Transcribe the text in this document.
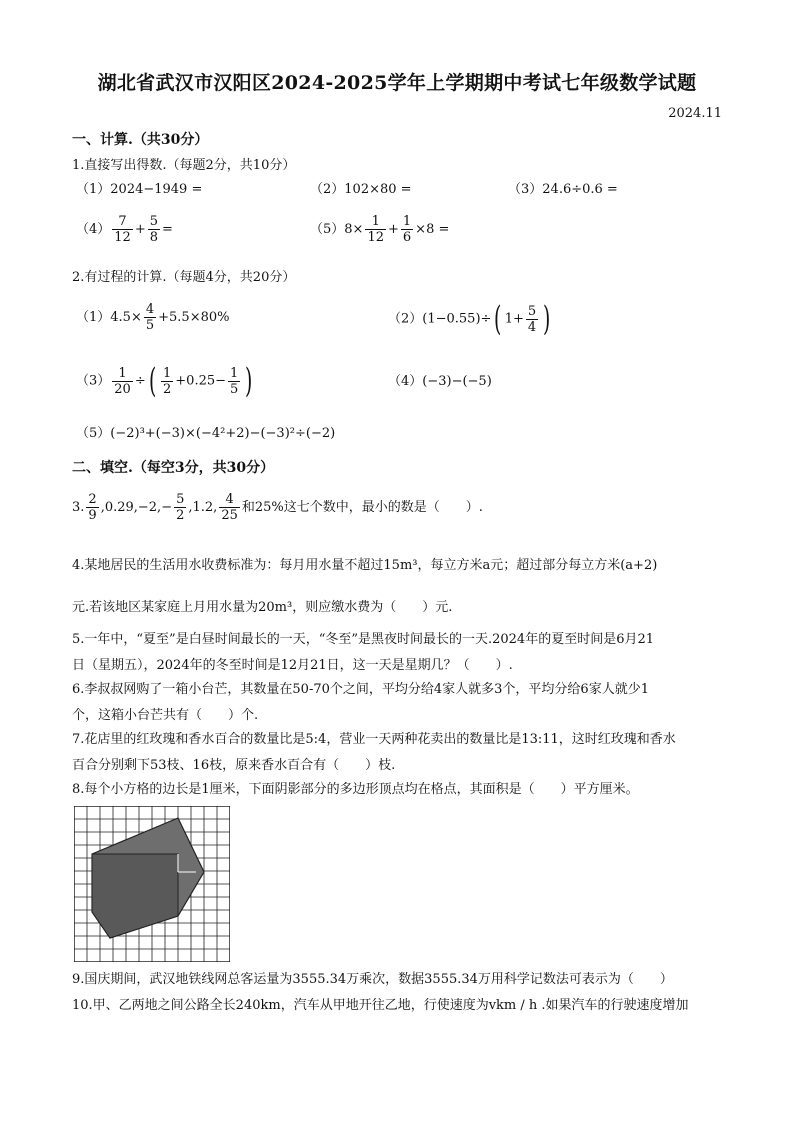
湖北省武汉市汉阳区2024-2025学年上学期期中考试七年级数学试题
2024.11
一、计算.（共30分）
1.直接写出得数.（每题2分，共10分）
（1）2024−1949 =	（2）102×80 =	（3）24.6÷0.6 =
$(4) \frac{7}{12} + \frac{5}{8}$ =	$(5)8\times \frac{1}{12} + \frac{1}{6} \times 8$ =
2.有过程的计算.（每题4分，共20分）
$(1)4.5\times \frac{4}{5} +5.5\times 80\%$	（2）(1−0.55)÷( $1+ \frac{5}{4}$ )
$(3) \frac{1}{20}$ ÷( $\frac{1}{2} +0.25- \frac{1}{5}$ )	（4）(−3)−(−5)
（5）(−2)³+(−3)×(−4²+2)−(−3)²÷(−2)
二、填空.（每空3分，共30分）
3. $\frac{2}{9} ,0.29,-2,- \frac{5}{2} ,1.2$, $\frac{4}{25}$ 和25%这七个数中，最小的数是（　　）.
4.某地居民的生活用水收费标准为：每月用水量不超过15m³，每立方米a元；超过部分每立方米(a+2)
元.若该地区某家庭上月用水量为20m³，则应缴水费为（　　）元.
5.一年中，“夏至”是白昼时间最长的一天，“冬至”是黑夜时间最长的一天.2024年的夏至时间是6月21
日（星期五），2024年的冬至时间是12月21日，这一天是星期几？（　　）.
6.李叔叔网购了一箱小台芒，其数量在50-70个之间，平均分给4家人就多3个，平均分给6家人就少1
个，这箱小台芒共有（　　）个.
7.花店里的红玫瑰和香水百合的数量比是5:4，营业一天两种花卖出的数量比是13:11，这时红玫瑰和香水
百合分别剩下53枝、16枝，原来香水百合有（　　）枝.
8.每个小方格的边长是1厘米，下面阴影部分的多边形顶点均在格点，其面积是（　　）平方厘米。
9.国庆期间，武汉地铁线网总客运量为3555.34万乘次，数据3555.34万用科学记数法可表示为（　　）
10.甲、乙两地之间公路全长240km，汽车从甲地开往乙地，行使速度为vkm / h .如果汽车的行驶速度增加
